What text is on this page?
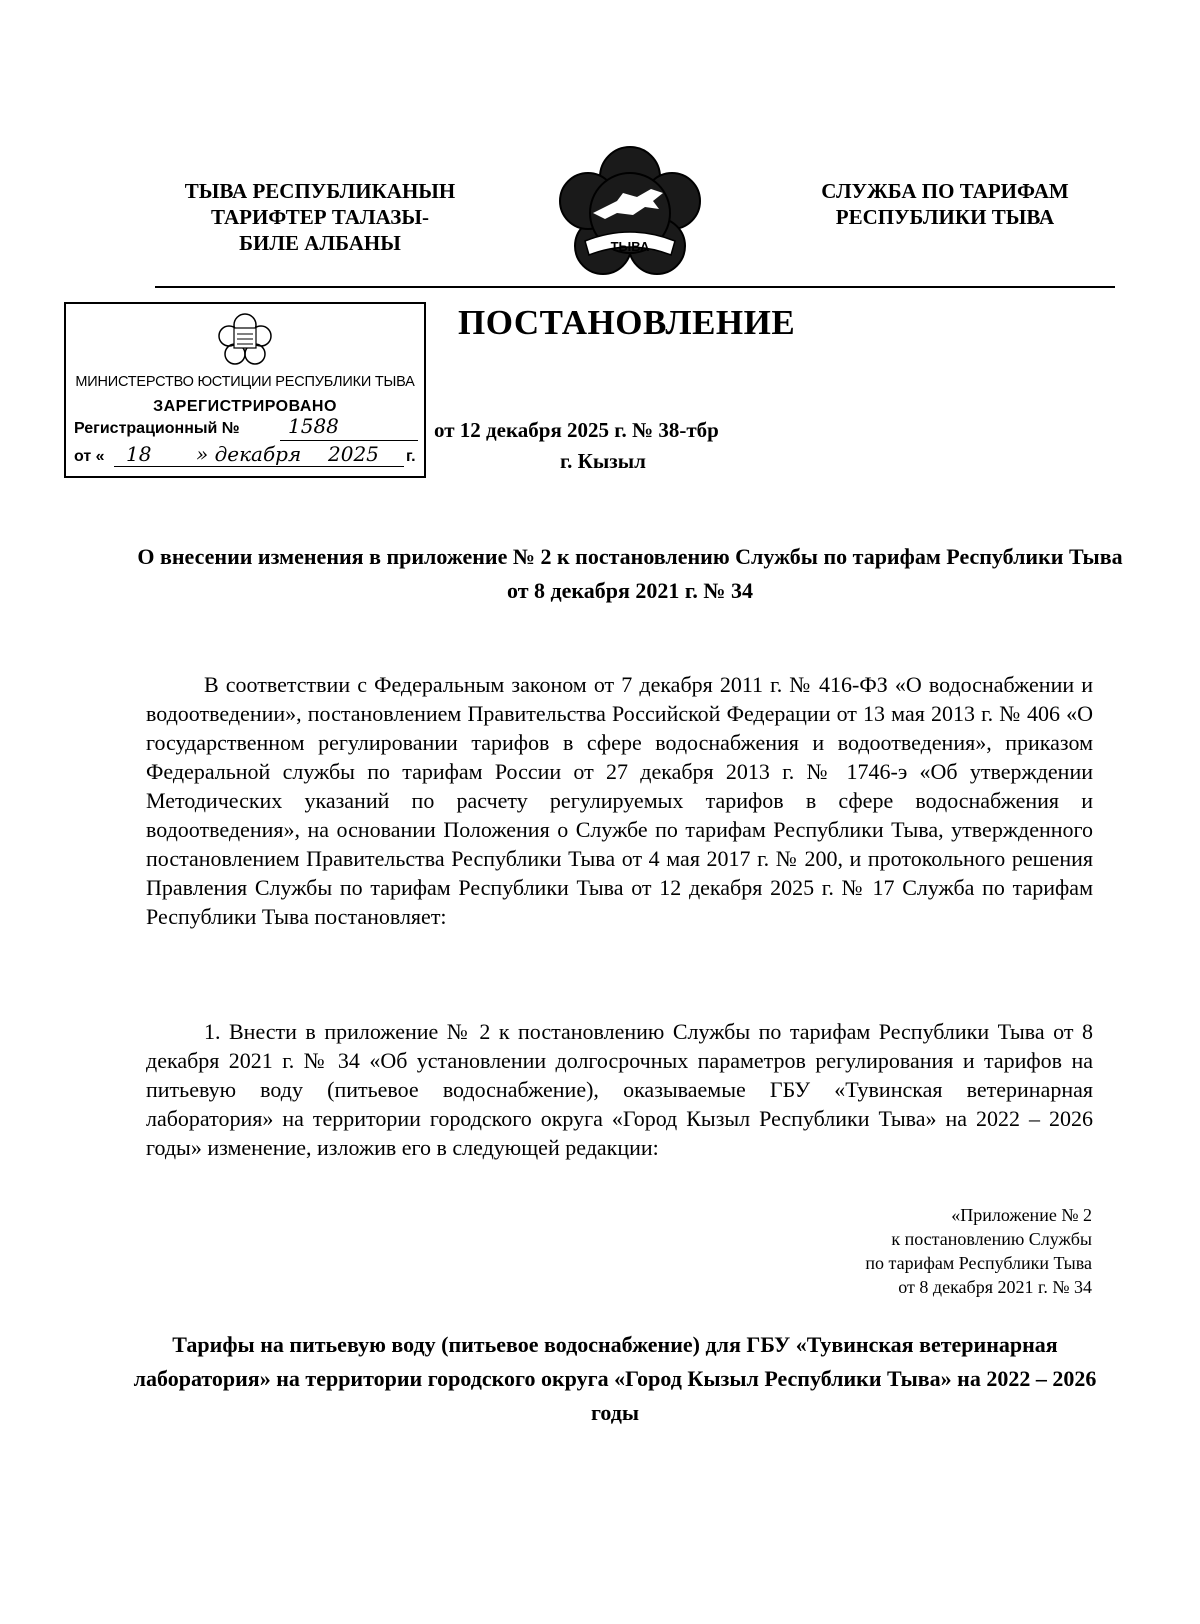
ТЫВА РЕСПУБЛИКАНЫН
ТАРИФТЕР ТАЛАЗЫ-
БИЛЕ АЛБАНЫ	ТЫВА
СЛУЖБА ПО ТАРИФАМ
РЕСПУБЛИКИ ТЫВА
МИНИСТЕРСТВО ЮСТИЦИИ РЕСПУБЛИКИ ТЫВА
ЗАРЕГИСТРИРОВАНО
Регистрационный № 1588
от « 18 » декабря 2025 г.
ПОСТАНОВЛЕНИЕ
от 12 декабря 2025 г. № 38-тбр
г. Кызыл
О внесении изменения в приложение № 2 к постановлению Службы по тарифам Республики Тыва от 8 декабря 2021 г. № 34
В соответствии с Федеральным законом от 7 декабря 2011 г. № 416-ФЗ «О водоснабжении и водоотведении», постановлением Правительства Российской Федерации от 13 мая 2013 г. № 406 «О государственном регулировании тарифов в сфере водоснабжения и водоотведения», приказом Федеральной службы по тарифам России от 27 декабря 2013 г. № 1746-э «Об утверждении Методических указаний по расчету регулируемых тарифов в сфере водоснабжения и водоотведения», на основании Положения о Службе по тарифам Республики Тыва, утвержденного постановлением Правительства Республики Тыва от 4 мая 2017 г. № 200, и протокольного решения Правления Службы по тарифам Республики Тыва от 12 декабря 2025 г. № 17 Служба по тарифам Республики Тыва постановляет:
1. Внести в приложение № 2 к постановлению Службы по тарифам Республики Тыва от 8 декабря 2021 г. № 34 «Об установлении долгосрочных параметров регулирования и тарифов на питьевую воду (питьевое водоснабжение), оказываемые ГБУ «Тувинская ветеринарная лаборатория» на территории городского округа «Город Кызыл Республики Тыва» на 2022 – 2026 годы» изменение, изложив его в следующей редакции:
«Приложение № 2
к постановлению Службы
по тарифам Республики Тыва
от 8 декабря 2021 г. № 34
Тарифы на питьевую воду (питьевое водоснабжение) для ГБУ «Тувинская ветеринарная лаборатория» на территории городского округа «Город Кызыл Республики Тыва» на 2022 – 2026 годы
